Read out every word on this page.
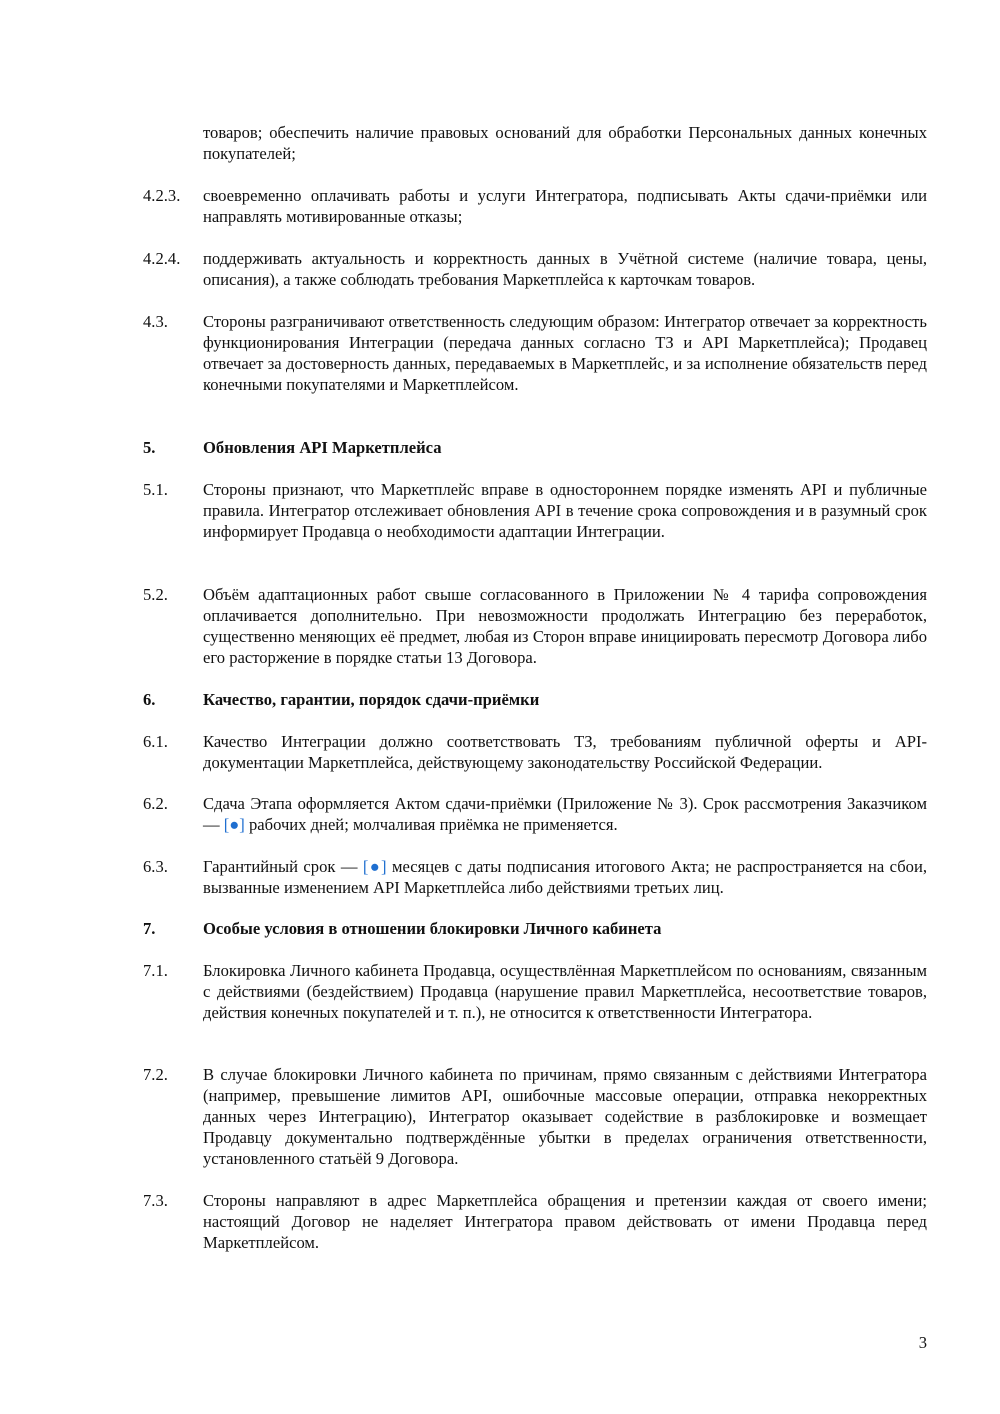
товаров; обеспечить наличие правовых оснований для обработки Персональных данных конечных покупателей;
4.2.3.	своевременно оплачивать работы и услуги Интегратора, подписывать Акты сдачи-приёмки или направлять мотивированные отказы;
4.2.4.	поддерживать актуальность и корректность данных в Учётной системе (наличие товара, цены, описания), а также соблюдать требования Маркетплейса к карточкам товаров.
4.3.	Стороны разграничивают ответственность следующим образом: Интегратор отвечает за корректность функционирования Интеграции (передача данных согласно ТЗ и API Маркетплейса); Продавец отвечает за достоверность данных, передаваемых в Маркетплейс, и за исполнение обязательств перед конечными покупателями и Маркетплейсом.
5.	Обновления API Маркетплейса
5.1.	Стороны признают, что Маркетплейс вправе в одностороннем порядке изменять API и публичные правила. Интегратор отслеживает обновления API в течение срока сопровождения и в разумный срок информирует Продавца о необходимости адаптации Интеграции.
5.2.	Объём адаптационных работ свыше согласованного в Приложении № 4 тарифа сопровождения оплачивается дополнительно. При невозможности продолжать Интеграцию без переработок, существенно меняющих её предмет, любая из Сторон вправе инициировать пересмотр Договора либо его расторжение в порядке статьи 13 Договора.
6.	Качество, гарантии, порядок сдачи-приёмки
6.1.	Качество Интеграции должно соответствовать ТЗ, требованиям публичной оферты и API-документации Маркетплейса, действующему законодательству Российской Федерации.
6.2.	Сдача Этапа оформляется Актом сдачи-приёмки (Приложение № 3). Срок рассмотрения Заказчиком — [●] рабочих дней; молчаливая приёмка не применяется.
6.3.	Гарантийный срок — [●] месяцев с даты подписания итогового Акта; не распространяется на сбои, вызванные изменением API Маркетплейса либо действиями третьих лиц.
7.	Особые условия в отношении блокировки Личного кабинета
7.1.	Блокировка Личного кабинета Продавца, осуществлённая Маркетплейсом по основаниям, связанным с действиями (бездействием) Продавца (нарушение правил Маркетплейса, несоответствие товаров, действия конечных покупателей и т. п.), не относится к ответственности Интегратора.
7.2.	В случае блокировки Личного кабинета по причинам, прямо связанным с действиями Интегратора (например, превышение лимитов API, ошибочные массовые операции, отправка некорректных данных через Интеграцию), Интегратор оказывает содействие в разблокировке и возмещает Продавцу документально подтверждённые убытки в пределах ограничения ответственности, установленного статьёй 9 Договора.
7.3.	Стороны направляют в адрес Маркетплейса обращения и претензии каждая от своего имени; настоящий Договор не наделяет Интегратора правом действовать от имени Продавца перед Маркетплейсом.
3
